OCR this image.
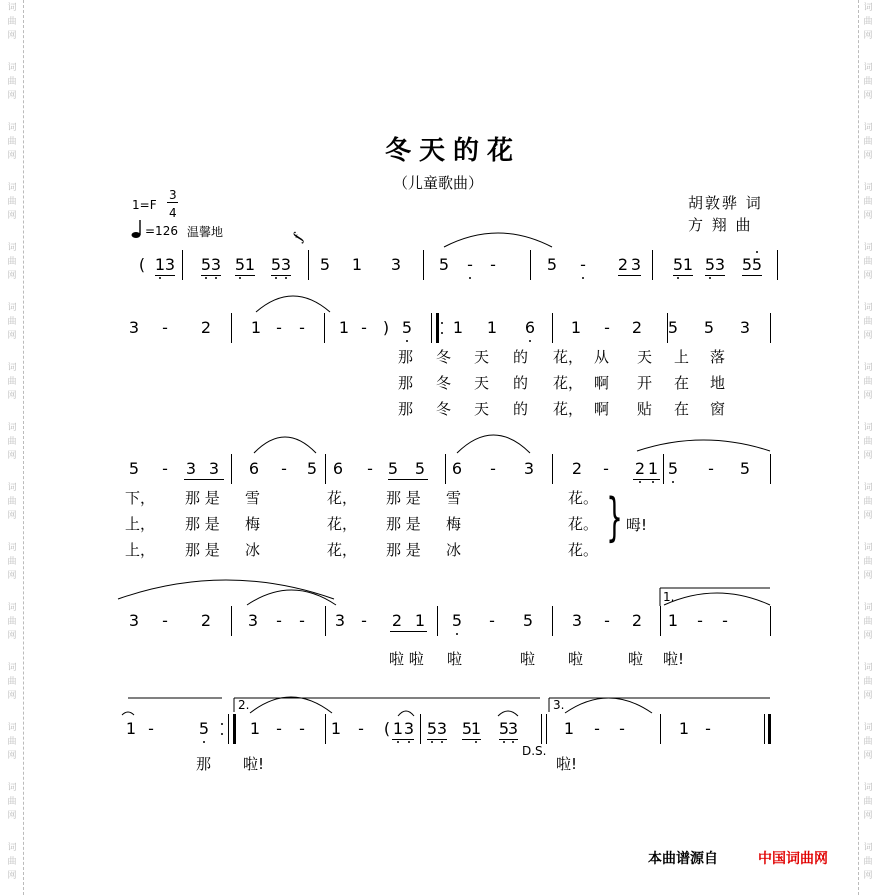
词
曲
网
词
曲
网
词
曲
网
词
曲
网
词
曲
网
词
曲
网
词
曲
网
词
曲
网
词
曲
网
词
曲
网
词
曲
网
词
曲
网
词
曲
网
词
曲
网
词
曲
网
词
曲
网
词
曲
网
词
曲
网
词
曲
网
词
曲
网
词
曲
网
词
曲
网
词
曲
网
词
曲
网
词
曲
网
词
曲
网
词
曲
网
词
曲
网
词
曲
网
词
曲
网
冬天的花
（儿童歌曲）
1=F
3
4
=126 温馨地	𝆑
胡敦骅 词
方 翔 曲
( 1 3	5 3 5 1 5 3	5	1	3	5	-	-	5	-	2 3	5 1 5 3	5 5
3	-	2	1 -	-	1 - ) 5	1	1	6	1	-	2	5	5	3
那 冬 天 的 花， 从 天 上 落
那 冬 天 的 花， 啊 开 在 地
那 冬 天 的 花， 啊 贴 在 窗
5	-	3 3	6	-	5 6	- 5	5	6	-	3	2	-	2 1 5	-	5
下， 那 是 雪	花， 那 是 雪	花。
上， 那 是 梅	花， 那 是 梅	花。
上， 那 是 冰	花， 那 是 冰	花。
} 呣!
3	-	2	3	-	-	3	-	2 1	5	-	5	3	-	2	1	-	-
1.
啦 啦 啦	啦 啦	啦 啦!
1 -	5	1	-	-	1	-	( 1 3 5 3 5
1	5
3	1	-	-	1	-
2.	3.
D.S.
那 啦!	啦!
本曲谱源自	中国词曲网
